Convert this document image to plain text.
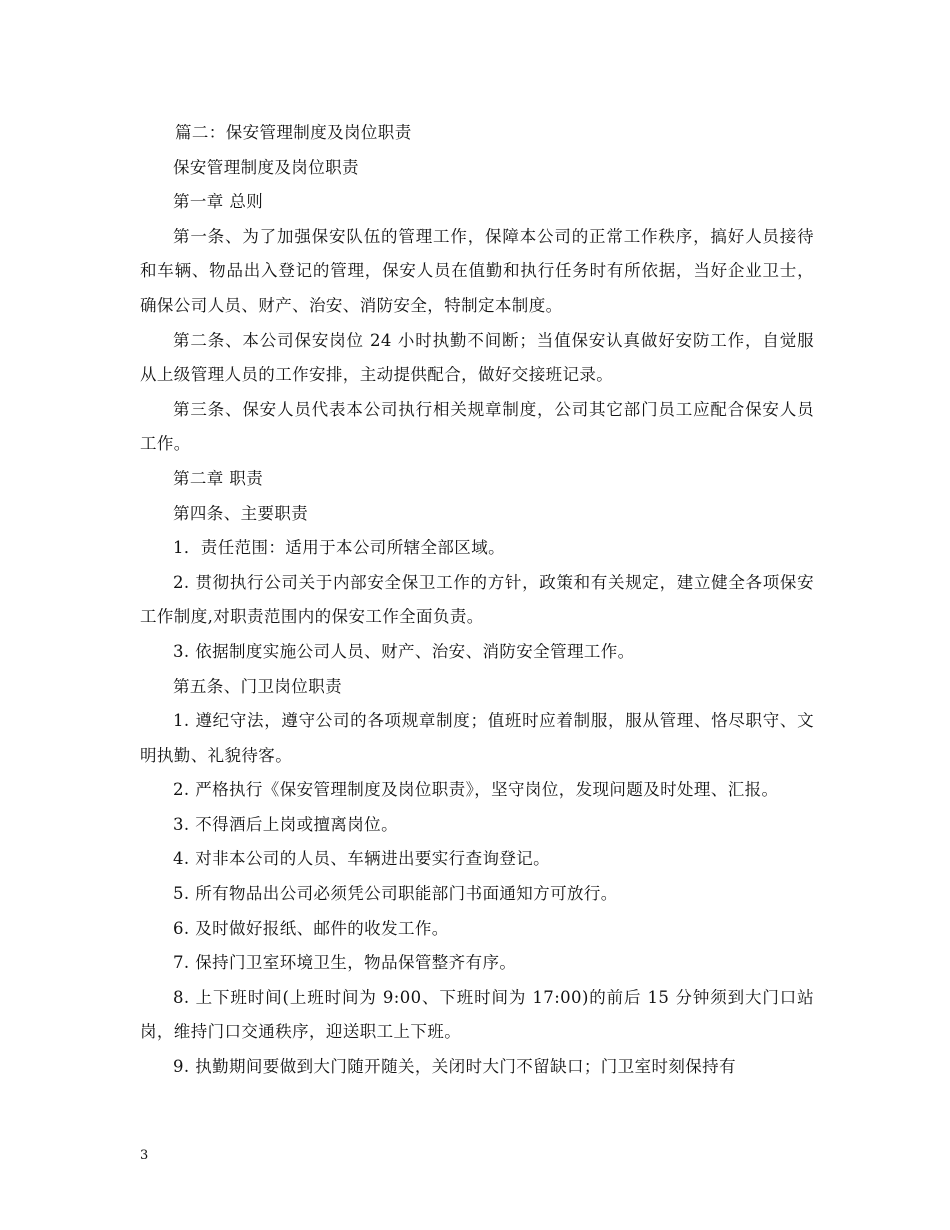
篇二：保安管理制度及岗位职责

保安管理制度及岗位职责

第一章 总则

第一条、为了加强保安队伍的管理工作，保障本公司的正常工作秩序，搞好人员接待和车辆、物品出入登记的管理，保安人员在值勤和执行任务时有所依据，当好企业卫士，确保公司人员、财产、治安、消防安全，特制定本制度。

第二条、本公司保安岗位 24 小时执勤不间断；当值保安认真做好安防工作，自觉服从上级管理人员的工作安排，主动提供配合，做好交接班记录。

第三条、保安人员代表本公司执行相关规章制度，公司其它部门员工应配合保安人员工作。

第二章 职责

第四条、主要职责

1．责任范围：适用于本公司所辖全部区域。

2. 贯彻执行公司关于内部安全保卫工作的方针，政策和有关规定，建立健全各项保安工作制度,对职责范围内的保安工作全面负责。

3. 依据制度实施公司人员、财产、治安、消防安全管理工作。

第五条、门卫岗位职责

1. 遵纪守法，遵守公司的各项规章制度；值班时应着制服，服从管理、恪尽职守、文明执勤、礼貌待客。

2. 严格执行《保安管理制度及岗位职责》，坚守岗位，发现问题及时处理、汇报。

3. 不得酒后上岗或擅离岗位。

4. 对非本公司的人员、车辆进出要实行查询登记。

5. 所有物品出公司必须凭公司职能部门书面通知方可放行。

6. 及时做好报纸、邮件的收发工作。

7. 保持门卫室环境卫生，物品保管整齐有序。

8. 上下班时间(上班时间为 9:00、下班时间为 17:00)的前后 15 分钟须到大门口站岗，维持门口交通秩序，迎送职工上下班。

9. 执勤期间要做到大门随开随关，关闭时大门不留缺口；门卫室时刻保持有

3
